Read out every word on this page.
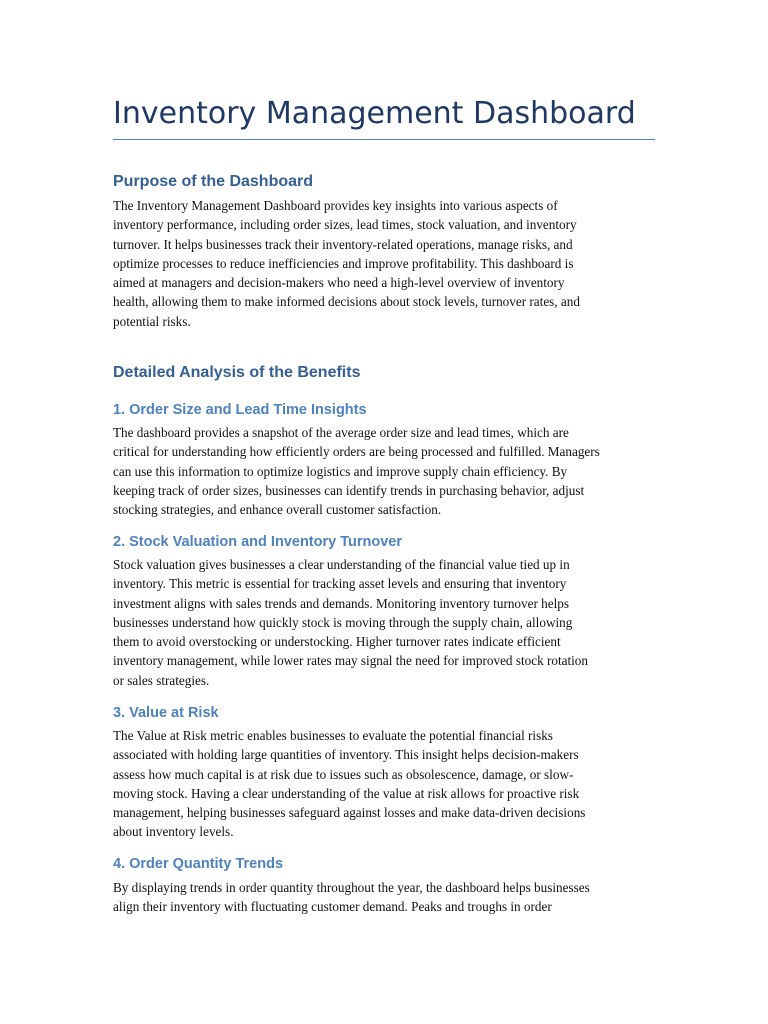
Inventory Management Dashboard
Purpose of the Dashboard
The Inventory Management Dashboard provides key insights into various aspects of
inventory performance, including order sizes, lead times, stock valuation, and inventory
turnover. It helps businesses track their inventory-related operations, manage risks, and
optimize processes to reduce inefficiencies and improve profitability. This dashboard is
aimed at managers and decision-makers who need a high-level overview of inventory
health, allowing them to make informed decisions about stock levels, turnover rates, and
potential risks.
Detailed Analysis of the Benefits
1. Order Size and Lead Time Insights
The dashboard provides a snapshot of the average order size and lead times, which are
critical for understanding how efficiently orders are being processed and fulfilled. Managers
can use this information to optimize logistics and improve supply chain efficiency. By
keeping track of order sizes, businesses can identify trends in purchasing behavior, adjust
stocking strategies, and enhance overall customer satisfaction.
2. Stock Valuation and Inventory Turnover
Stock valuation gives businesses a clear understanding of the financial value tied up in
inventory. This metric is essential for tracking asset levels and ensuring that inventory
investment aligns with sales trends and demands. Monitoring inventory turnover helps
businesses understand how quickly stock is moving through the supply chain, allowing
them to avoid overstocking or understocking. Higher turnover rates indicate efficient
inventory management, while lower rates may signal the need for improved stock rotation
or sales strategies.
3. Value at Risk
The Value at Risk metric enables businesses to evaluate the potential financial risks
associated with holding large quantities of inventory. This insight helps decision-makers
assess how much capital is at risk due to issues such as obsolescence, damage, or slow-
moving stock. Having a clear understanding of the value at risk allows for proactive risk
management, helping businesses safeguard against losses and make data-driven decisions
about inventory levels.
4. Order Quantity Trends
By displaying trends in order quantity throughout the year, the dashboard helps businesses
align their inventory with fluctuating customer demand. Peaks and troughs in order
